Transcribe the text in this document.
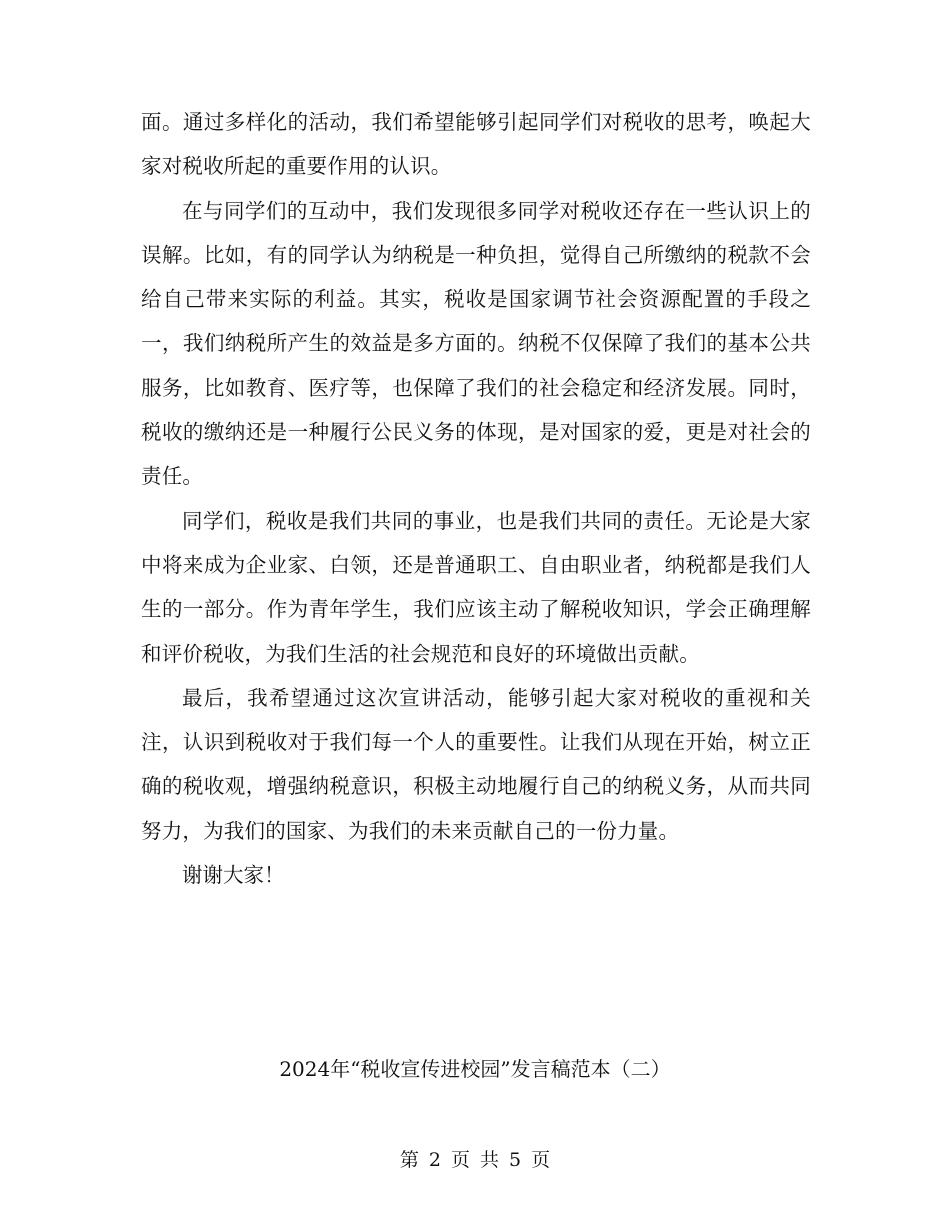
面。通过多样化的活动，我们希望能够引起同学们对税收的思考，唤起大家对税收所起的重要作用的认识。

在与同学们的互动中，我们发现很多同学对税收还存在一些认识上的误解。比如，有的同学认为纳税是一种负担，觉得自己所缴纳的税款不会给自己带来实际的利益。其实，税收是国家调节社会资源配置的手段之一，我们纳税所产生的效益是多方面的。纳税不仅保障了我们的基本公共服务，比如教育、医疗等，也保障了我们的社会稳定和经济发展。同时，税收的缴纳还是一种履行公民义务的体现，是对国家的爱，更是对社会的责任。

同学们，税收是我们共同的事业，也是我们共同的责任。无论是大家中将来成为企业家、白领，还是普通职工、自由职业者，纳税都是我们人生的一部分。作为青年学生，我们应该主动了解税收知识，学会正确理解和评价税收，为我们生活的社会规范和良好的环境做出贡献。

最后，我希望通过这次宣讲活动，能够引起大家对税收的重视和关注，认识到税收对于我们每一个人的重要性。让我们从现在开始，树立正确的税收观，增强纳税意识，积极主动地履行自己的纳税义务，从而共同努力，为我们的国家、为我们的未来贡献自己的一份力量。

谢谢大家！

2024年“税收宣传进校园”发言稿范本（二）
第 2 页 共 5 页
